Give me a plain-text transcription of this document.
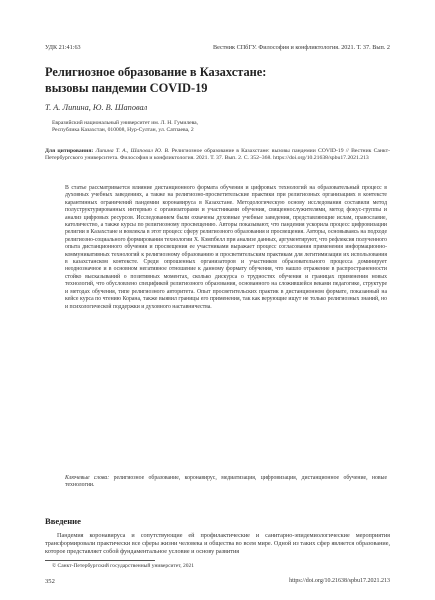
УДК 21:41:63	Вестник СПбГУ. Философия и конфликтология. 2021. Т. 37. Вып. 2
Религиозное образование в Казахстане:
вызовы пандемии COVID-19
Т. А. Липина, Ю. В. Шаповал
Евразийский национальный университет им. Л. Н. Гумилева,
Республика Казахстан, 010008, Нур-Султан, ул. Сатпаева, 2
Для цитирования: Липина Т. А., Шаповал Ю. В. Религиозное образование в Казахстане: вызовы пандемии COVID-19 // Вестник Санкт-Петербургского университета. Философия и конфликтология. 2021. Т. 37. Вып. 2. С. 352–368. https://doi.org/10.21638/spbu17.2021.213
В статье рассматривается влияние дистанционного формата обучения и цифровых технологий на образовательный процесс в духовных учебных заведениях, а также на религиозно-просветительские практики при религиозных организациях в контексте карантинных ограничений пандемии коронавируса в Казахстане. Методологическую основу исследования составили метод полуструктурированных интервью с организаторами и участниками обучения, священнослужителями, метод фокус-группы и анализ цифровых ресурсов. Исследованием были охвачены духовные учебные заведения, представляющие ислам, православие, католичество, а также курсы по религиозному просвещению. Авторы показывают, что пандемия ускорила процесс цифровизации религии в Казахстане и вовлекла в этот процесс сферу религиозного образования и просвещения. Авторы, основываясь на подходе религиозно-социального формирования технологии Х. Кэмпбелл при анализе данных, аргументируют, что рефлексия полученного опыта дистанционного обучения и просвещения ее участниками выражает процесс согласования применения информационно-коммуникативных технологий к религиозному образованию и просветительским практикам для легитимизации их использования в казахстанском контексте. Среди опрошенных организаторов и участников образовательного процесса доминирует неоднозначное и в основном негативное отношение к данному формату обучения, что нашло отражение в распространенности стойко высказываний о позитивных моментах, сколько дискурса о трудностях обучения и границах применения новых технологий, что обусловлено спецификой религиозного образования, основанного на сложившейся веками педагогике, структуре и методах обучения, типе религиозного авторитета. Опыт просветительских практик в дистанционном формате, показанный на кейсе курса по чтению Корана, также выявил границы его применения, так как верующие ищут не только религиозных знаний, но и психологической поддержки и духовного наставничества.
Ключевые слова: религиозное образование, коронавирус, медиатизация, цифровизация, дистанционное обучение, новые технологии.
Введение
Пандемия коронавируса и сопутствующие ей профилактические и санитарно-эпидемиологические мероприятия трансформировали практически все сферы жизни человека и общества во всем мире. Одной из таких сфер является образование, которое представляет собой фундаментальное условие и основу развития
© Санкт-Петербургский государственный университет, 2021
352	https://doi.org/10.21638/spbu17.2021.213
